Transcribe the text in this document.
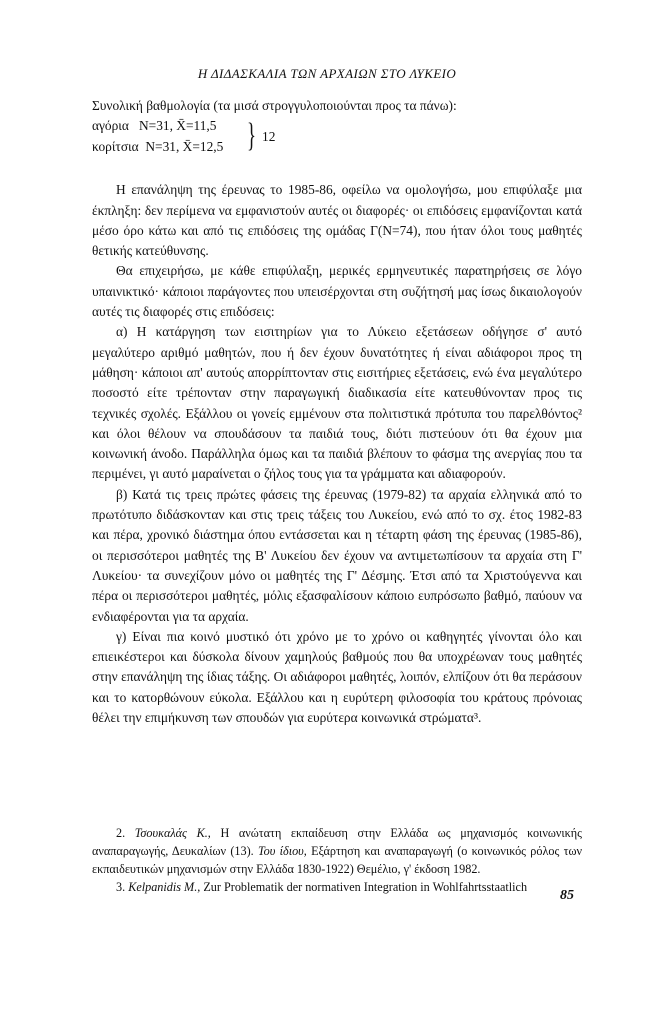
Η ΔΙΔΑΣΚΑΛΙΑ ΤΩΝ ΑΡΧΑΙΩΝ ΣΤΟ ΛΥΚΕΙΟ

Συνολική βαθμολογία (τα μισά στρογγυλοποιούνται προς τα πάνω):

αγόρια   N=31, X̄=11,5
κορίτσια  N=31, X̄=12,5 } 12

Η επανάληψη της έρευνας το 1985-86, οφείλω να ομολογήσω, μου επιφύλαξε μια έκπληξη: δεν περίμενα να εμφανιστούν αυτές οι διαφορές· οι επιδόσεις εμφανίζονται κατά μέσο όρο κάτω και από τις επιδόσεις της ομάδας Γ(N=74), που ήταν όλοι τους μαθητές θετικής κατεύθυνσης.

Θα επιχειρήσω, με κάθε επιφύλαξη, μερικές ερμηνευτικές παρατηρήσεις σε λόγο υπαινικτικό· κάποιοι παράγοντες που υπεισέρχονται στη συζήτησή μας ίσως δικαιολογούν αυτές τις διαφορές στις επιδόσεις:

α) Η κατάργηση των εισιτηρίων για το Λύκειο εξετάσεων οδήγησε σ' αυτό μεγαλύτερο αριθμό μαθητών, που ή δεν έχουν δυνατότητες ή είναι αδιάφοροι προς τη μάθηση· κάποιοι απ' αυτούς απορρίπτονταν στις εισιτήριες εξετάσεις, ενώ ένα μεγαλύτερο ποσοστό είτε τρέπονταν στην παραγωγική διαδικασία είτε κατευθύνονταν προς τις τεχνικές σχολές. Εξάλλου οι γονείς εμμένουν στα πολιτιστικά πρότυπα του παρελθόντος² και όλοι θέλουν να σπουδάσουν τα παιδιά τους, διότι πιστεύουν ότι θα έχουν μια κοινωνική άνοδο. Παράλληλα όμως και τα παιδιά βλέπουν το φάσμα της ανεργίας που τα περιμένει, γι αυτό μαραίνεται ο ζήλος τους για τα γράμματα και αδιαφορούν.

β) Κατά τις τρεις πρώτες φάσεις της έρευνας (1979-82) τα αρχαία ελληνικά από το πρωτότυπο διδάσκονταν και στις τρεις τάξεις του Λυκείου, ενώ από το σχ. έτος 1982-83 και πέρα, χρονικό διάστημα όπου εντάσσεται και η τέταρτη φάση της έρευνας (1985-86), οι περισσότεροι μαθητές της Β' Λυκείου δεν έχουν να αντιμετωπίσουν τα αρχαία στη Γ' Λυκείου· τα συνεχίζουν μόνο οι μαθητές της Γ' Δέσμης. Έτσι από τα Χριστούγεννα και πέρα οι περισσότεροι μαθητές, μόλις εξασφαλίσουν κάποιο ευπρόσωπο βαθμό, παύουν να ενδιαφέρονται για τα αρχαία.

γ) Είναι πια κοινό μυστικό ότι χρόνο με το χρόνο οι καθηγητές γίνονται όλο και επιεικέστεροι και δύσκολα δίνουν χαμηλούς βαθμούς που θα υποχρέωναν τους μαθητές στην επανάληψη της ίδιας τάξης. Οι αδιάφοροι μαθητές, λοιπόν, ελπίζουν ότι θα περάσουν και το κατορθώνουν εύκολα. Εξάλλου και η ευρύτερη φιλοσοφία του κράτους πρόνοιας θέλει την επιμήκυνση των σπουδών για ευρύτερα κοινωνικά στρώματα³.

2. Τσουκαλάς Κ., Η ανώτατη εκπαίδευση στην Ελλάδα ως μηχανισμός κοινωνικής αναπαραγωγής, Δευκαλίων (13). Του ίδιου, Εξάρτηση και αναπαραγωγή (ο κοινωνικός ρόλος των εκπαιδευτικών μηχανισμών στην Ελλάδα 1830-1922) Θεμέλιο, γ' έκδοση 1982.

3. Kelpanidis M., Zur Problematik der normativen Integration in Wohlfahrtsstaatlich

85
